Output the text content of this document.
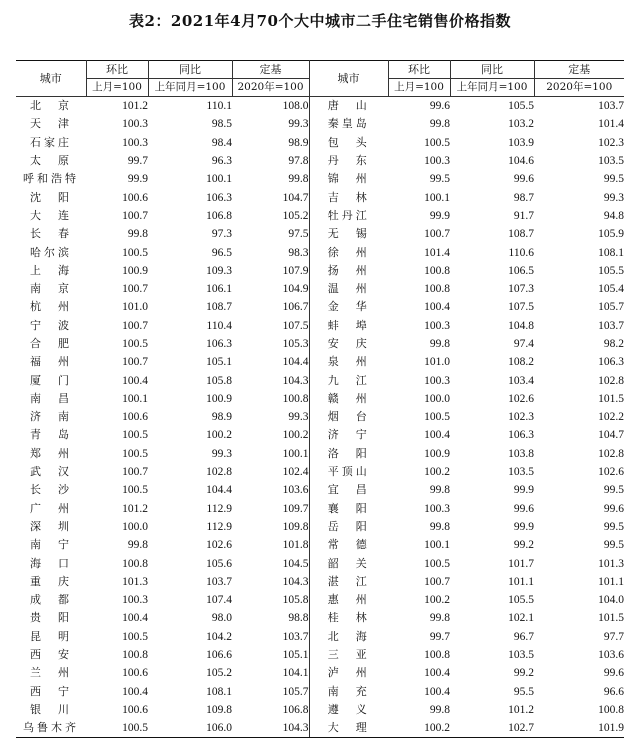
表2：2021年4月70个大中城市二手住宅销售价格指数
城市	环比	同比	定基	城市	环比	同比	定基
	上月=100	上年同月=100	2020年=100		上月=100	上年同月=100	2020年=100
北　京	101.2	110.1	108.0	唐　山	99.6	105.5	103.7
天　津	100.3	98.5	99.3	秦皇岛	99.8	103.2	101.4
石家庄	100.3	98.4	98.9	包　头	100.5	103.9	102.3
太　原	99.7	96.3	97.8	丹　东	100.3	104.6	103.5
呼和浩特	99.9	100.1	99.8	锦　州	99.5	99.6	99.5
沈　阳	100.6	106.3	104.7	吉　林	100.1	98.7	99.3
大　连	100.7	106.8	105.2	牡丹江	99.9	91.7	94.8
长　春	99.8	97.3	97.5	无　锡	100.7	108.7	105.9
哈尔滨	100.5	96.5	98.3	徐　州	101.4	110.6	108.1
上　海	100.9	109.3	107.9	扬　州	100.8	106.5	105.5
南　京	100.7	106.1	104.9	温　州	100.8	107.3	105.4
杭　州	101.0	108.7	106.7	金　华	100.4	107.5	105.7
宁　波	100.7	110.4	107.5	蚌　埠	100.3	104.8	103.7
合　肥	100.5	106.3	105.3	安　庆	99.8	97.4	98.2
福　州	100.7	105.1	104.4	泉　州	101.0	108.2	106.3
厦　门	100.4	105.8	104.3	九　江	100.3	103.4	102.8
南　昌	100.1	100.9	100.8	赣　州	100.0	102.6	101.5
济　南	100.6	98.9	99.3	烟　台	100.5	102.3	102.2
青　岛	100.5	100.2	100.2	济　宁	100.4	106.3	104.7
郑　州	100.5	99.3	100.1	洛　阳	100.9	103.8	102.8
武　汉	100.7	102.8	102.4	平顶山	100.2	103.5	102.6
长　沙	100.5	104.4	103.6	宜　昌	99.8	99.9	99.5
广　州	101.2	112.9	109.7	襄　阳	100.3	99.6	99.6
深　圳	100.0	112.9	109.8	岳　阳	99.8	99.9	99.5
南　宁	99.8	102.6	101.8	常　德	100.1	99.2	99.5
海　口	100.8	105.6	104.5	韶　关	100.5	101.7	101.3
重　庆	101.3	103.7	104.3	湛　江	100.7	101.1	101.1
成　都	100.3	107.4	105.8	惠　州	100.2	105.5	104.0
贵　阳	100.4	98.0	98.8	桂　林	99.8	102.1	101.5
昆　明	100.5	104.2	103.7	北　海	99.7	96.7	97.7
西　安	100.8	106.6	105.1	三　亚	100.8	103.5	103.6
兰　州	100.6	105.2	104.1	泸　州	100.4	99.2	99.6
西　宁	100.4	108.1	105.7	南　充	100.4	95.5	96.6
银　川	100.6	109.8	106.8	遵　义	99.8	101.2	100.8
乌鲁木齐	100.5	106.0	104.3	大　理	100.2	102.7	101.9
